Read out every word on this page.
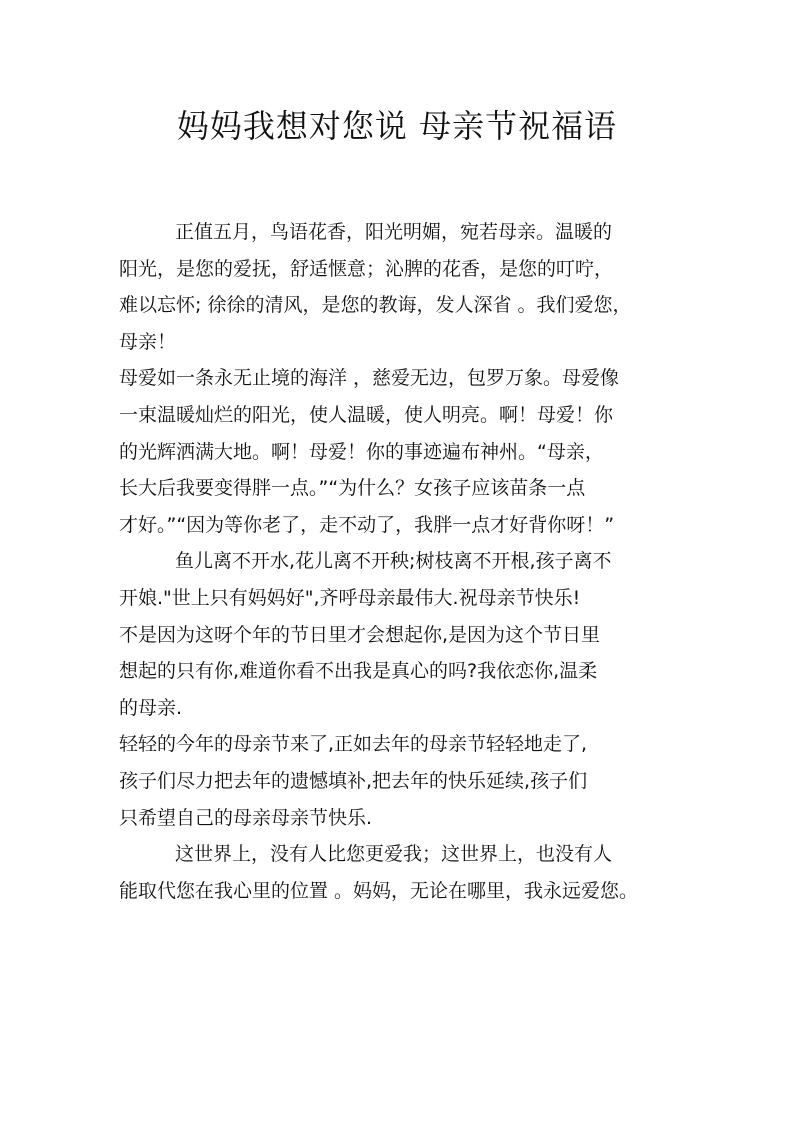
妈妈我想对您说 母亲节祝福语
正值五月，鸟语花香，阳光明媚，宛若母亲。温暖的
阳光，是您的爱抚，舒适惬意；沁脾的花香，是您的叮咛，
难以忘怀; 徐徐的清风，是您的教诲，发人深省 。我们爱您，
母亲！
母爱如一条永无止境的海洋 ，慈爱无边，包罗万象。母爱像
一束温暖灿烂的阳光，使人温暖，使人明亮。啊！母爱！你
的光辉洒满大地。啊！母爱！你的事迹遍布神州。“母亲，
长大后我要变得胖一点。”“为什么？女孩子应该苗条一点
才好。”“因为等你老了，走不动了，我胖一点才好背你呀！”
鱼儿离不开水,花儿离不开秧;树枝离不开根,孩子离不
开娘."世上只有妈妈好",齐呼母亲最伟大.祝母亲节快乐!
不是因为这呀个年的节日里才会想起你,是因为这个节日里
想起的只有你,难道你看不出我是真心的吗?我依恋你,温柔
的母亲.
轻轻的今年的母亲节来了,正如去年的母亲节轻轻地走了,
孩子们尽力把去年的遗憾填补,把去年的快乐延续,孩子们
只希望自己的母亲母亲节快乐.
这世界上，没有人比您更爱我；这世界上，也没有人
能取代您在我心里的位置 。妈妈，无论在哪里，我永远爱您。
